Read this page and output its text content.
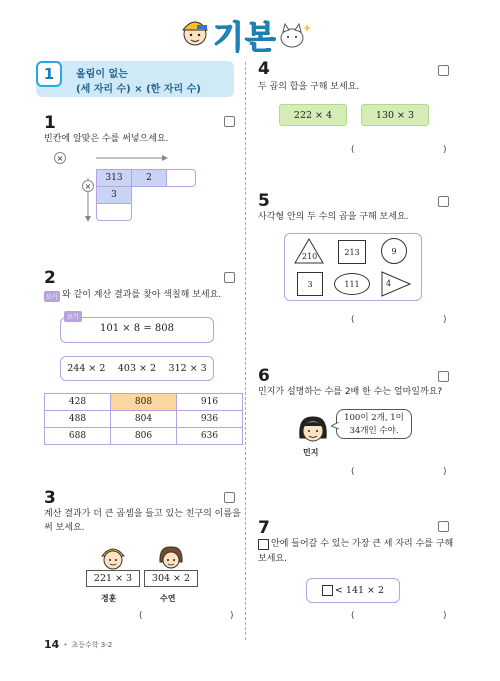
기본
1 올림이 없는
(세 자리 수) × (한 자리 수)
1
빈칸에 알맞은 수를 써넣으세요.
×
×
313	2
3
2
보기 와 같이 계산 결과를 찾아 색칠해 보세요.
보기
101 × 8 = 808
244 × 2 403 × 2 312 × 3
428	808	916
488	804	936
688	806	636
3
계산 결과가 더 큰 곱셈을 들고 있는 친구의 이름을
써 보세요.
221 × 3	304 × 2
경훈	수연
(	)
4
두 곱의 합을 구해 보세요.
222 × 4	130 × 3
(	)
5
사각형 안의 두 수의 곱을 구해 보세요.
210	213	9
3	111	4
(	)
6
민지가 설명하는 수를 2배 한 수는 얼마일까요?
100이 2개, 1이
34개인 수야.
민지
(	)
7
안에 들어갈 수 있는 가장 큰 세 자리 수를 구해
보세요.
< 141 × 2
(	)
14 • 초등수학 3-2
